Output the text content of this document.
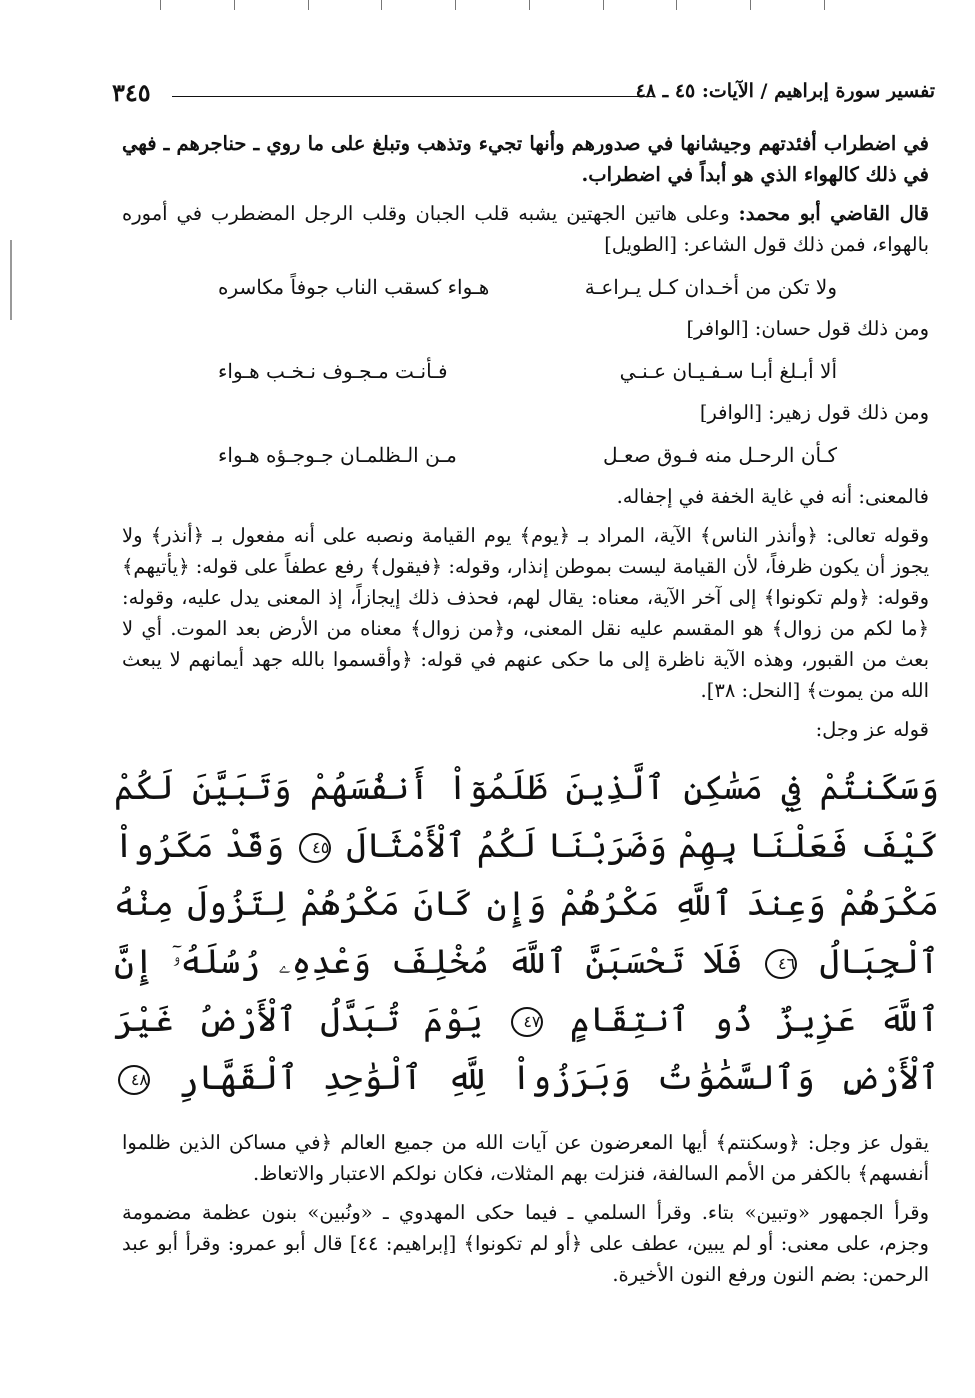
تفسير سورة إبراهيم / الآيات: ٤٥ ـ ٤٨
٣٤٥

في اضطراب أفئدتهم وجيشانها في صدورهم وأنها تجيء وتذهب وتبلغ على ما روي ـ حناجرهم ـ فهي في ذلك كالهواء الذي هو أبداً في اضطراب.

قال القاضي أبو محمد: وعلى هاتين الجهتين يشبه قلب الجبان وقلب الرجل المضطرب في أموره بالهواء، فمن ذلك قول الشاعر: [الطويل]

ولا تكن من أخـدان كـل يـراعـة
هـواء كسقب الناب جوفاً مكاسره

ومن ذلك قول حسان: [الوافر]

ألا أبـلغ أبـا سـفـيـان عـنـي
فـأنـت مـجـوف نـخـب هـواء

ومن ذلك قول زهير: [الوافر]

كـأن الرحـل منه فـوق صعـل
مـن الـظلمـان جـوجـؤه هـواء

فالمعنى: أنه في غاية الخفة في إجفاله.

وقوله تعالى: ﴿وأنذر الناس﴾ الآية، المراد بـ ﴿يوم﴾ يوم القيامة ونصبه على أنه مفعول بـ ﴿أنذر﴾ ولا يجوز أن يكون ظرفاً، لأن القيامة ليست بموطن إنذار، وقوله: ﴿فيقول﴾ رفع عطفاً على قوله: ﴿يأتيهم﴾ وقوله: ﴿ولم تكونوا﴾ إلى آخر الآية، معناه: يقال لهم، فحذف ذلك إيجازاً، إذ المعنى يدل عليه، وقوله: ﴿ما لكم من زوال﴾ هو المقسم عليه نقل المعنى، و﴿من زوال﴾ معناه من الأرض بعد الموت. أي لا بعث من القبور، وهذه الآية ناظرة إلى ما حكى عنهم في قوله: ﴿وأقسموا بالله جهد أيمانهم لا يبعث الله من يموت﴾ [النحل: ٣٨].

قوله عز وجل:

وَسَكَنتُمْ فِي مَسَٰكِنِ ٱلَّذِينَ ظَلَمُوٓاْ أَنفُسَهُمْ وَتَبَيَّنَ لَكُمْ كَيْفَ فَعَلْنَا بِهِمْ وَضَرَبْنَا لَكُمُ ٱلْأَمْثَالَ ٤٥ وَقَدْ مَكَرُواْ مَكْرَهُمْ وَعِندَ ٱللَّهِ مَكْرُهُمْ وَإِن كَانَ مَكْرُهُمْ لِتَزُولَ مِنْهُ ٱلْجِبَالُ ٤٦ فَلَا تَحْسَبَنَّ ٱللَّهَ مُخْلِفَ وَعْدِهِۦ رُسُلَهُۥٓ إِنَّ ٱللَّهَ عَزِيزٌ ذُو ٱنتِقَامٍ ٤٧ يَوْمَ تُبَدَّلُ ٱلْأَرْضُ غَيْرَ ٱلْأَرْضِ وَٱلسَّمَٰوَٰتُ وَبَرَزُواْ لِلَّهِ ٱلْوَٰحِدِ ٱلْقَهَّارِ ٤٨

يقول عز وجل: ﴿وسكنتم﴾ أيها المعرضون عن آيات الله من جميع العالم ﴿في مساكن الذين ظلموا أنفسهم﴾ بالكفر من الأمم السالفة، فنزلت بهم المثلات، فكان نولكم الاعتبار والاتعاظ.

وقرأ الجمهور «وتبين» بتاء. وقرأ السلمي ـ فيما حكى المهدوي ـ «ونُبين» بنون عظمة مضمومة وجزم، على معنى: أو لم يبين، عطف على ﴿أو لم تكونوا﴾ [إبراهيم: ٤٤] قال أبو عمرو: وقرأ أبو عبد الرحمن: بضم النون ورفع النون الأخيرة.
